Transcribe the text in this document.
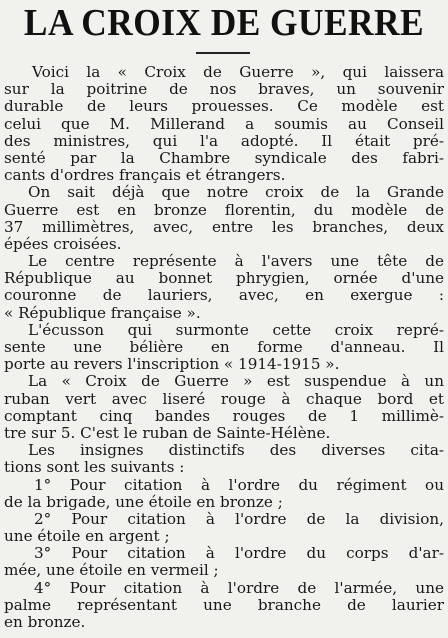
LA CROIX DE GUERRE
Voici la « Croix de Guerre », qui laissera
sur la poitrine de nos braves, un souvenir
durable de leurs prouesses. Ce modèle est
celui que M. Millerand a soumis au Conseil
des ministres, qui l'a adopté. Il était pré-
senté par la Chambre syndicale des fabri-
cants d'ordres français et étrangers.
On sait déjà que notre croix de la Grande
Guerre est en bronze florentin, du modèle de
37 millimètres, avec, entre les branches, deux
épées croisées.
Le centre représente à l'avers une tête de
République au bonnet phrygien, ornée d'une
couronne de lauriers, avec, en exergue :
« République française ».
L'écusson qui surmonte cette croix repré-
sente une bélière en forme d'anneau. Il
porte au revers l'inscription « 1914-1915 ».
La « Croix de Guerre » est suspendue à un
ruban vert avec liseré rouge à chaque bord et
comptant cinq bandes rouges de 1 millimè-
tre sur 5. C'est le ruban de Sainte-Hélène.
Les insignes distinctifs des diverses cita-
tions sont les suivants :
1° Pour citation à l'ordre du régiment ou
de la brigade, une étoile en bronze ;
2° Pour citation à l'ordre de la division,
une étoile en argent ;
3° Pour citation à l'ordre du corps d'ar-
mée, une étoile en vermeil ;
4° Pour citation à l'ordre de l'armée, une
palme représentant une branche de laurier
en bronze.
